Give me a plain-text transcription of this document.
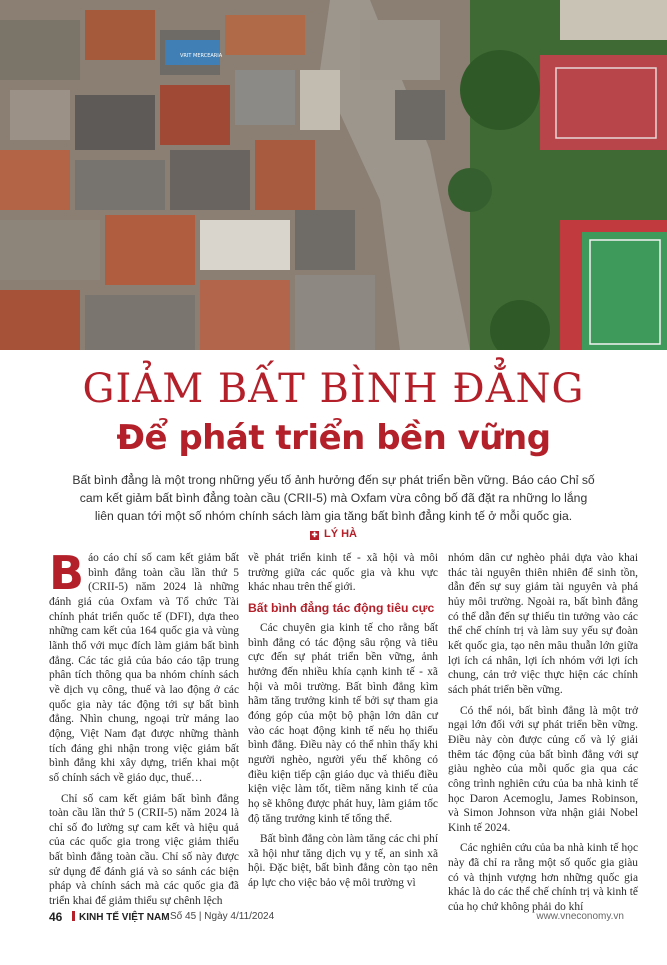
VRIT MERCEARIA
GIẢM BẤT BÌNH ĐẲNG
Để phát triển bền vững
Bất bình đẳng là một trong những yếu tố ảnh hưởng đến sự phát triển bền vững. Báo cáo Chỉ số cam kết giảm bất bình đẳng toàn cầu (CRII-5) mà Oxfam vừa công bố đã đặt ra những lo lắng liên quan tới một số nhóm chính sách làm gia tăng bất bình đẳng kinh tế ở mỗi quốc gia.
✚ LÝ HÀ
B áo cáo chỉ số cam kết giảm bất bình đẳng toàn cầu lần thứ 5 (CRII-5) năm 2024 là những đánh giá của Oxfam và Tổ chức Tài chính phát triển quốc tế (DFI), dựa theo những cam kết của 164 quốc gia và vùng lãnh thổ với mục đích làm giảm bất bình đẳng. Các tác giả của báo cáo tập trung phân tích thông qua ba nhóm chính sách về dịch vụ công, thuế và lao động ở các quốc gia này tác động tới sự bất bình đẳng. Nhìn chung, ngoại trừ mảng lao động, Việt Nam đạt được những thành tích đáng ghi nhận trong việc giảm bất bình đẳng khi xây dựng, triển khai một số chính sách về giáo dục, thuế…

Chỉ số cam kết giảm bất bình đẳng toàn cầu lần thứ 5 (CRII-5) năm 2024 là chỉ số đo lường sự cam kết và hiệu quả của các quốc gia trong việc giảm thiểu bất bình đẳng toàn cầu. Chỉ số này được sử dụng để đánh giá và so sánh các biện pháp và chính sách mà các quốc gia đã triển khai để giảm thiểu sự chênh lệch

về phát triển kinh tế - xã hội và môi trường giữa các quốc gia và khu vực khác nhau trên thế giới.

Bất bình đẳng tác động tiêu cực

Các chuyên gia kinh tế cho rằng bất bình đẳng có tác động sâu rộng và tiêu cực đến sự phát triển bền vững, ảnh hưởng đến nhiều khía cạnh kinh tế - xã hội và môi trường. Bất bình đẳng kìm hãm tăng trưởng kinh tế bởi sự tham gia đóng góp của một bộ phận lớn dân cư vào các hoạt động kinh tế nếu họ thiếu bình đẳng. Điều này có thể nhìn thấy khi người nghèo, người yếu thế không có điều kiện tiếp cận giáo dục và thiếu điều kiện việc làm tốt, tiềm năng kinh tế của họ sẽ không được phát huy, làm giảm tốc độ tăng trưởng kinh tế tổng thể.

Bất bình đẳng còn làm tăng các chi phí xã hội như tăng dịch vụ y tế, an sinh xã hội. Đặc biệt, bất bình đẳng còn tạo nên áp lực cho việc bảo vệ môi trường vì

nhóm dân cư nghèo phải dựa vào khai thác tài nguyên thiên nhiên để sinh tồn, dẫn đến sự suy giảm tài nguyên và phá hủy môi trường. Ngoài ra, bất bình đẳng có thể dẫn đến sự thiếu tin tưởng vào các thể chế chính trị và làm suy yếu sự đoàn kết quốc gia, tạo nên mâu thuẫn lớn giữa lợi ích cá nhân, lợi ích nhóm với lợi ích chung, cản trở việc thực hiện các chính sách phát triển bền vững.

Có thể nói, bất bình đẳng là một trở ngại lớn đối với sự phát triển bền vững. Điều này còn được củng cố và lý giải thêm tác động của bất bình đẳng với sự giàu nghèo của mỗi quốc gia qua các công trình nghiên cứu của ba nhà kinh tế học Daron Acemoglu, James Robinson, và Simon Johnson vừa nhận giải Nobel Kinh tế 2024.

Các nghiên cứu của ba nhà kinh tế học này đã chỉ ra rằng một số quốc gia giàu có và thịnh vượng hơn những quốc gia khác là do các thể chế chính trị và kinh tế của họ chứ không phải do khí

46	KINH TẾ VIỆT NAM Số 45 | Ngày 4/11/2024	www.vneconomy.vn
